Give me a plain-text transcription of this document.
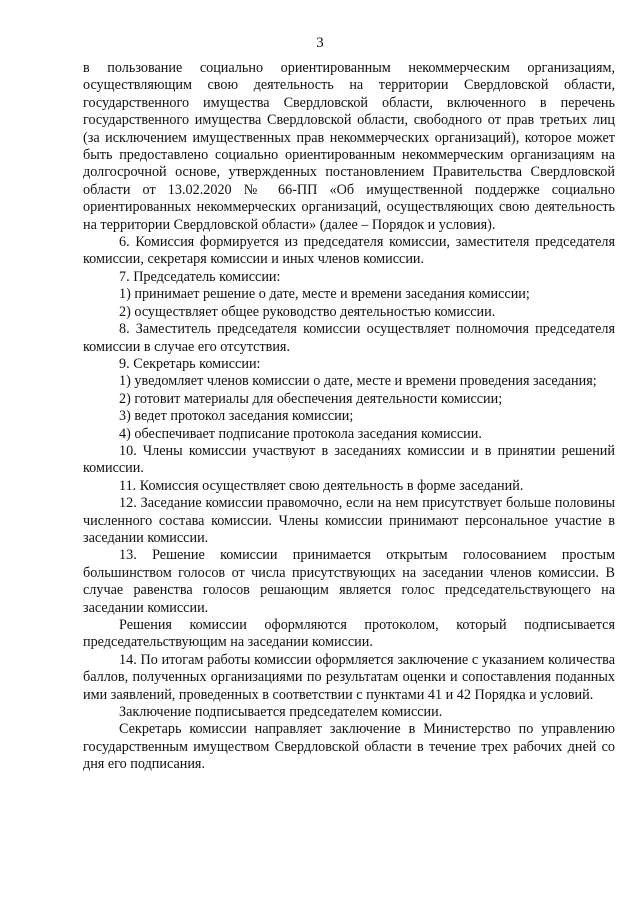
3

в пользование социально ориентированным некоммерческим организациям, осуществляющим свою деятельность на территории Свердловской области, государственного имущества Свердловской области, включенного в перечень государственного имущества Свердловской области, свободного от прав третьих лиц (за исключением имущественных прав некоммерческих организаций), которое может быть предоставлено социально ориентированным некоммерческим организациям на долгосрочной основе, утвержденных постановлением Правительства Свердловской области от 13.02.2020 № 66-ПП «Об имущественной поддержке социально ориентированных некоммерческих организаций, осуществляющих свою деятельность на территории Свердловской области» (далее – Порядок и условия).

6. Комиссия формируется из председателя комиссии, заместителя председателя комиссии, секретаря комиссии и иных членов комиссии.

7. Председатель комиссии:

1) принимает решение о дате, месте и времени заседания комиссии;

2) осуществляет общее руководство деятельностью комиссии.

8. Заместитель председателя комиссии осуществляет полномочия председателя комиссии в случае его отсутствия.

9. Секретарь комиссии:

1) уведомляет членов комиссии о дате, месте и времени проведения заседания;

2) готовит материалы для обеспечения деятельности комиссии;

3) ведет протокол заседания комиссии;

4) обеспечивает подписание протокола заседания комиссии.

10. Члены комиссии участвуют в заседаниях комиссии и в принятии решений комиссии.

11. Комиссия осуществляет свою деятельность в форме заседаний.

12. Заседание комиссии правомочно, если на нем присутствует больше половины численного состава комиссии. Члены комиссии принимают персональное участие в заседании комиссии.

13. Решение комиссии принимается открытым голосованием простым большинством голосов от числа присутствующих на заседании членов комиссии. В случае равенства голосов решающим является голос председательствующего на заседании комиссии.

Решения комиссии оформляются протоколом, который подписывается председательствующим на заседании комиссии.

14. По итогам работы комиссии оформляется заключение с указанием количества баллов, полученных организациями по результатам оценки и сопоставления поданных ими заявлений, проведенных в соответствии с пунктами 41 и 42 Порядка и условий.

Заключение подписывается председателем комиссии.

Секретарь комиссии направляет заключение в Министерство по управлению государственным имуществом Свердловской области в течение трех рабочих дней со дня его подписания.
